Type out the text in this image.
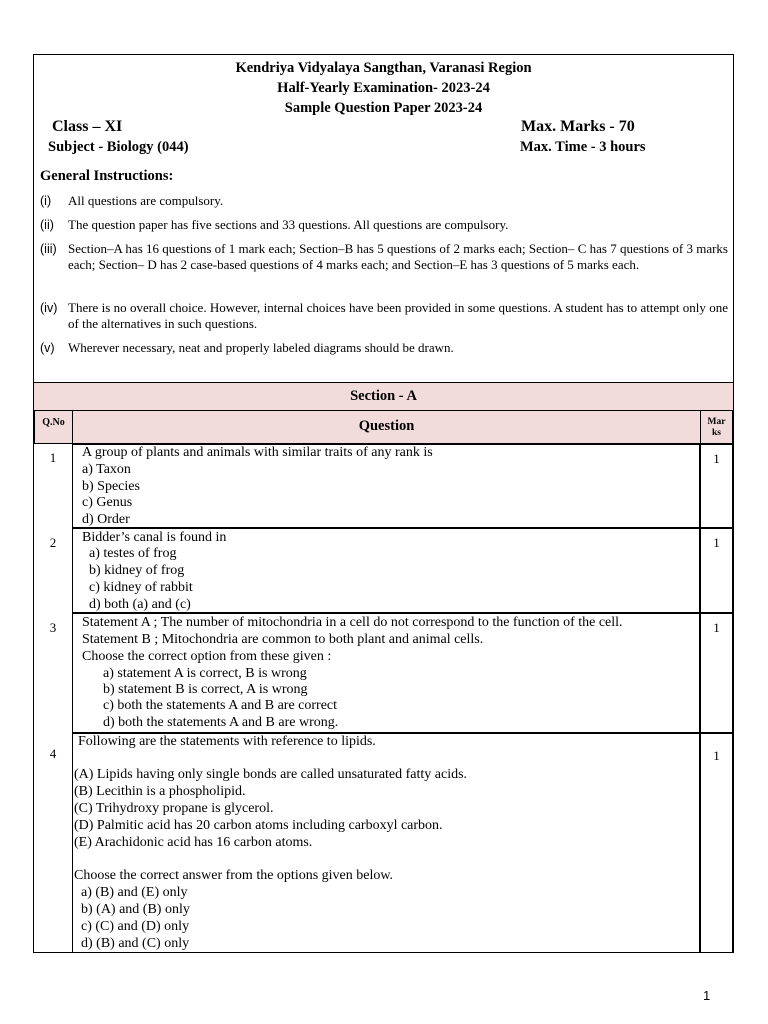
Kendriya Vidyalaya Sangthan, Varanasi Region
Half-Yearly Examination- 2023-24
Sample Question Paper 2023-24
Class – XI	Max. Marks - 70
Subject - Biology (044)	Max. Time - 3 hours
General Instructions:
(i) All questions are compulsory.
(ii) The question paper has five sections and 33 questions. All questions are compulsory.
(iii) Section–A has 16 questions of 1 mark each; Section–B has 5 questions of 2 marks each; Section– C has 7 questions of 3 marks each; Section– D has 2 case-based questions of 4 marks each; and Section–E has 3 questions of 5 marks each.
(iv) There is no overall choice. However, internal choices have been provided in some questions. A student has to attempt only one of the alternatives in such questions.
(v) Wherever necessary, neat and properly labeled diagrams should be drawn.
Section - A
Q.No	Question	Mar
ks
1	A group of plants and animals with similar traits of any rank is
a) Taxon
b) Species
c) Genus
d) Order
1
2	Bidder’s canal is found in
a) testes of frog
b) kidney of frog
c) kidney of rabbit
d) both (a) and (c)
1
3	Statement A ; The number of mitochondria in a cell do not correspond to the function of the cell.
Statement B ; Mitochondria are common to both plant and animal cells.
Choose the correct option from these given :
a) statement A is correct, B is wrong
b) statement B is correct, A is wrong
c) both the statements A and B are correct
d) both the statements A and B are wrong.
1
4
Following are the statements with reference to lipids.
(A) Lipids having only single bonds are called unsaturated fatty acids.
(B) Lecithin is a phospholipid.
(C) Trihydroxy propane is glycerol.
(D) Palmitic acid has 20 carbon atoms including carboxyl carbon.
(E) Arachidonic acid has 16 carbon atoms.
Choose the correct answer from the options given below.
a) (B) and (E) only
b) (A) and (B) only
c) (C) and (D) only
d) (B) and (C) only
1
1
